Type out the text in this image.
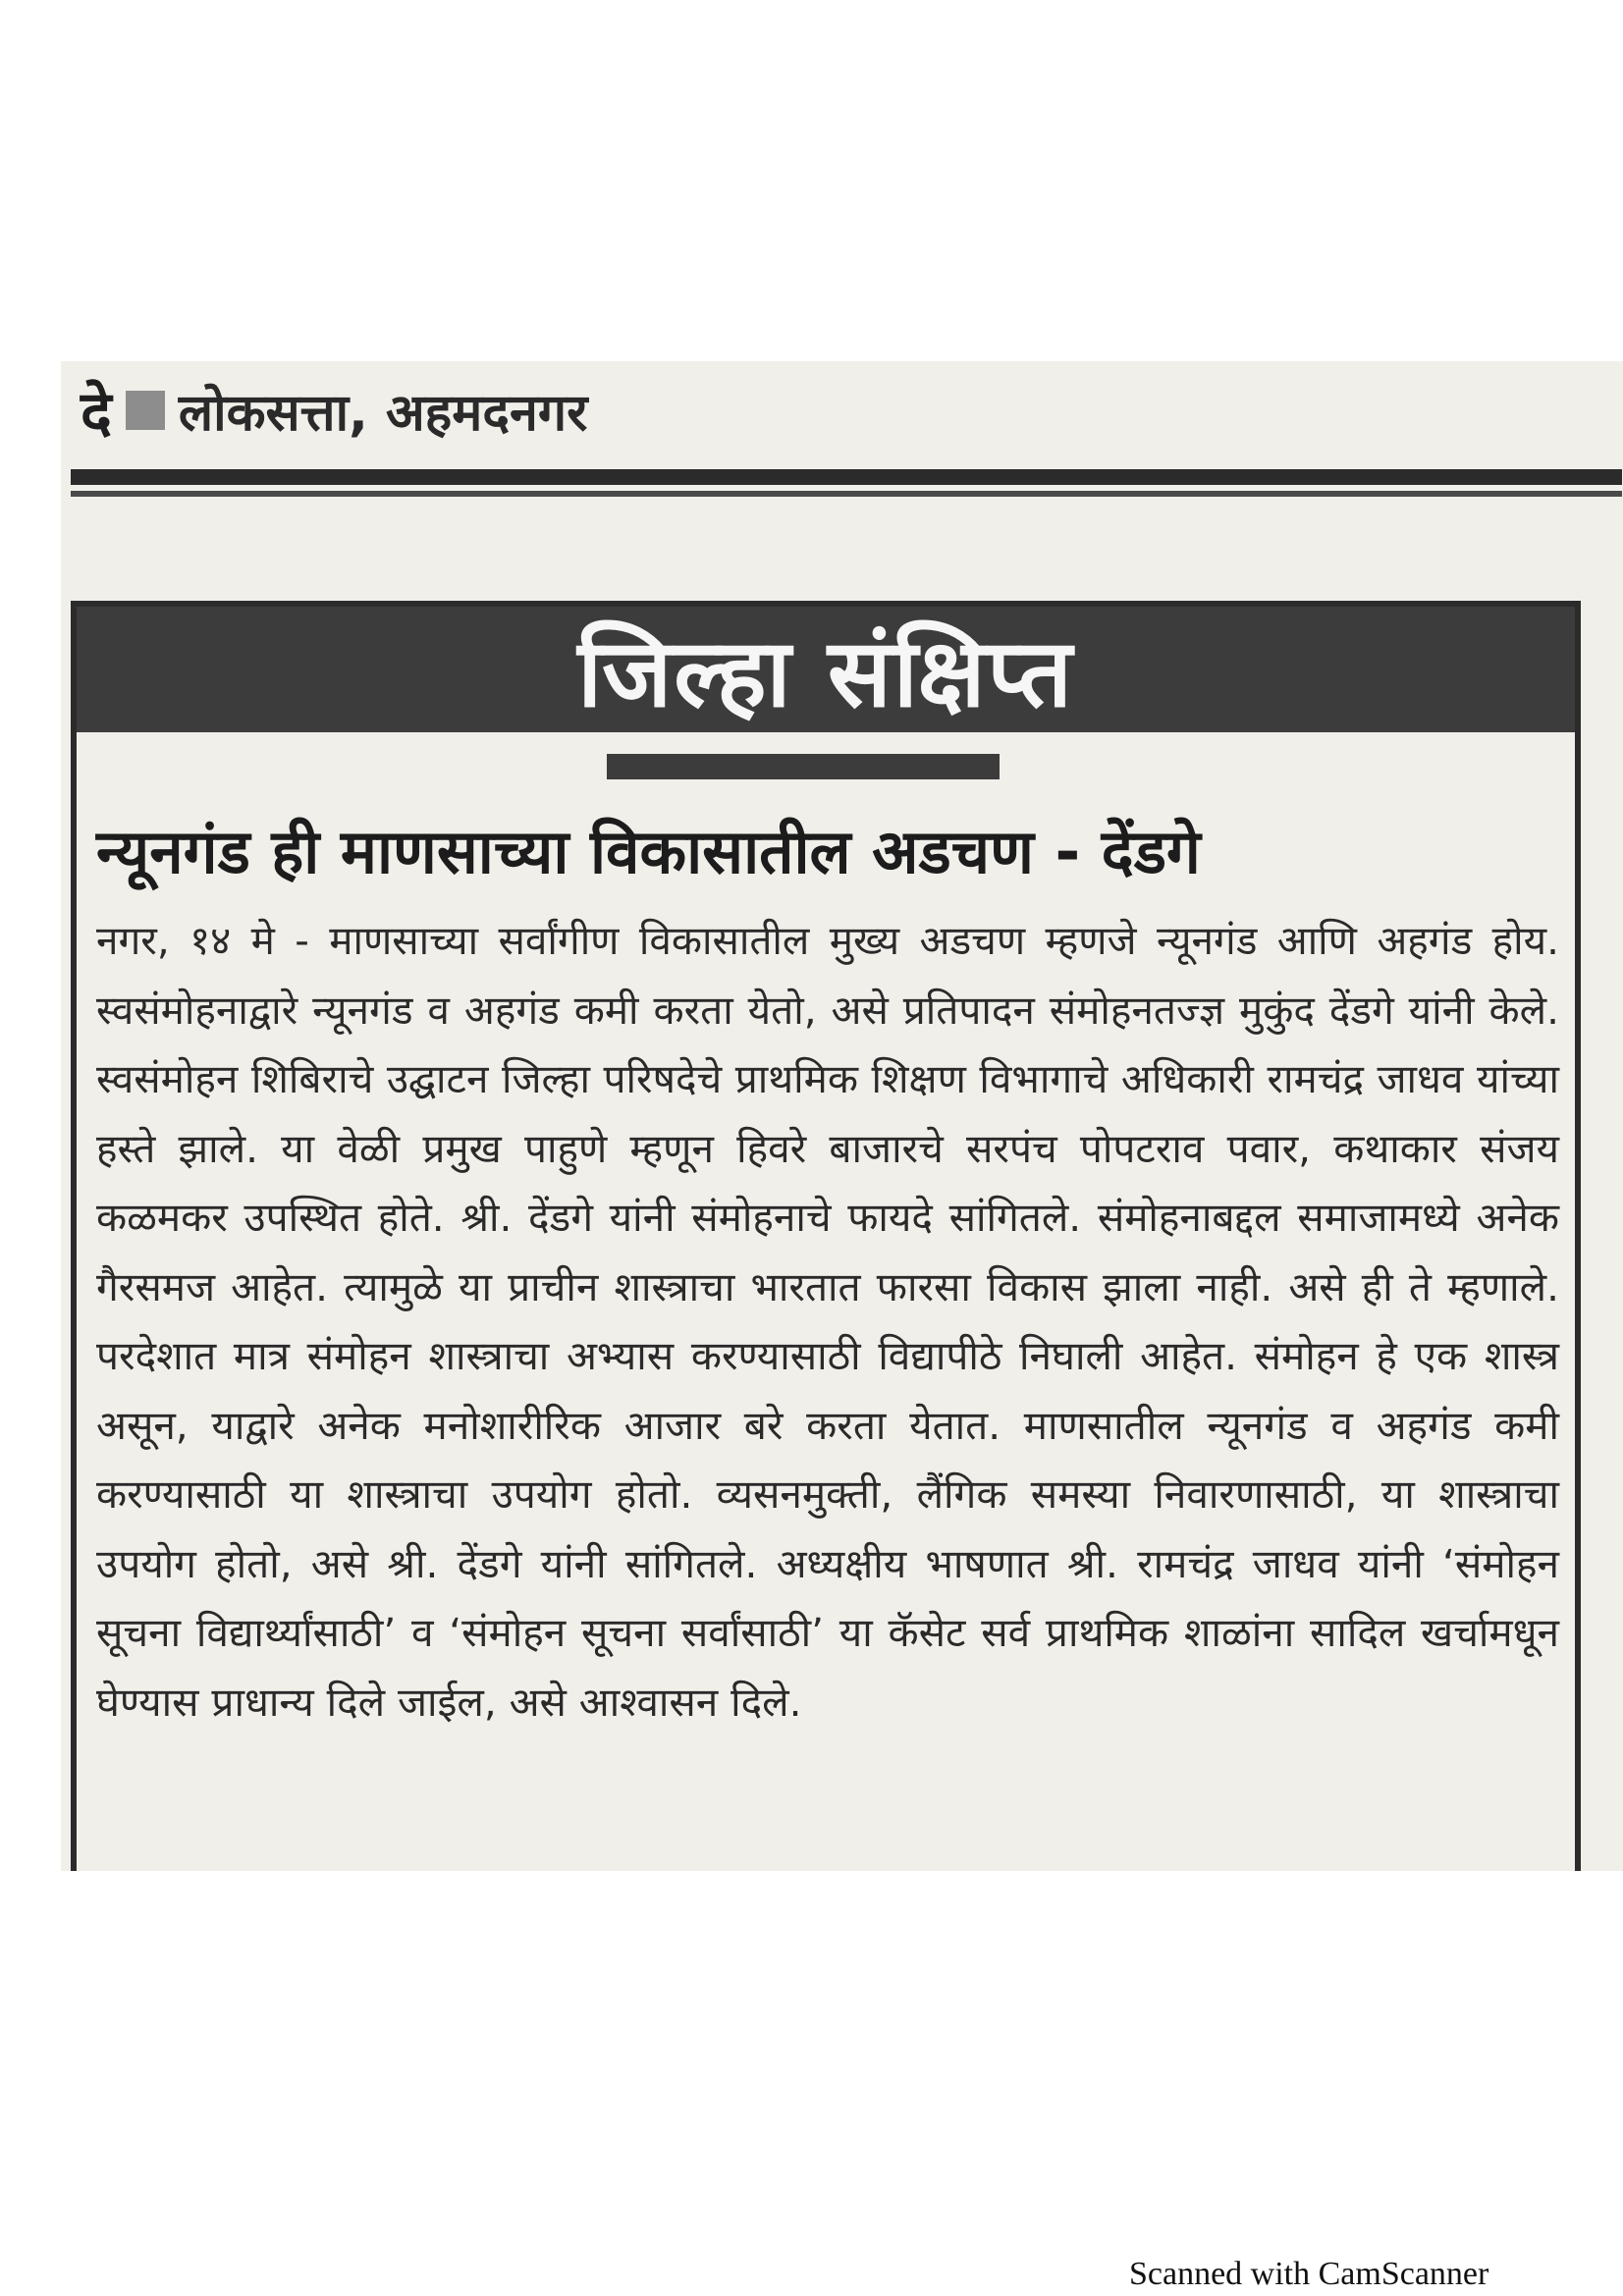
दे लोकसत्ता, अहमदनगर
जिल्हा संक्षिप्त
न्यूनगंड ही माणसाच्या विकासातील अडचण - देंडगे
नगर, १४ मे - माणसाच्या सर्वांगीण विकासातील मुख्य अडचण म्हणजे न्यूनगंड आणि अहगंड होय. स्वसंमोहनाद्वारे न्यूनगंड व अहगंड कमी करता येतो, असे प्रतिपादन संमोहनतज्ज्ञ मुकुंद देंडगे यांनी केले. स्वसंमोहन शिबिराचे उद्घाटन जिल्हा परिषदेचे प्राथमिक शिक्षण विभागाचे अधिकारी रामचंद्र जाधव यांच्या हस्ते झाले. या वेळी प्रमुख पाहुणे म्हणून हिवरे बाजारचे सरपंच पोपटराव पवार, कथाकार संजय कळमकर उपस्थित होते. श्री. देंडगे यांनी संमोहनाचे फायदे सांगितले. संमोहनाबद्दल समाजामध्ये अनेक गैरसमज आहेत. त्यामुळे या प्राचीन शास्त्राचा भारतात फारसा विकास झाला नाही. असे ही ते म्हणाले. परदेशात मात्र संमोहन शास्त्राचा अभ्यास करण्यासाठी विद्यापीठे निघाली आहेत. संमोहन हे एक शास्त्र असून, याद्वारे अनेक मनोशारीरिक आजार बरे करता येतात. माणसातील न्यूनगंड व अहगंड कमी करण्यासाठी या शास्त्राचा उपयोग होतो. व्यसनमुक्ती, लैंगिक समस्या निवारणासाठी, या शास्त्राचा उपयोग होतो, असे श्री. देंडगे यांनी सांगितले. अध्यक्षीय भाषणात श्री. रामचंद्र जाधव यांनी ‘संमोहन सूचना विद्यार्थ्यांसाठी’ व ‘संमोहन सूचना सर्वांसाठी’ या कॅसेट सर्व प्राथमिक शाळांना सादिल खर्चामधून घेण्यास प्राधान्य दिले जाईल, असे आश्वासन दिले.
Scanned with CamScanner
